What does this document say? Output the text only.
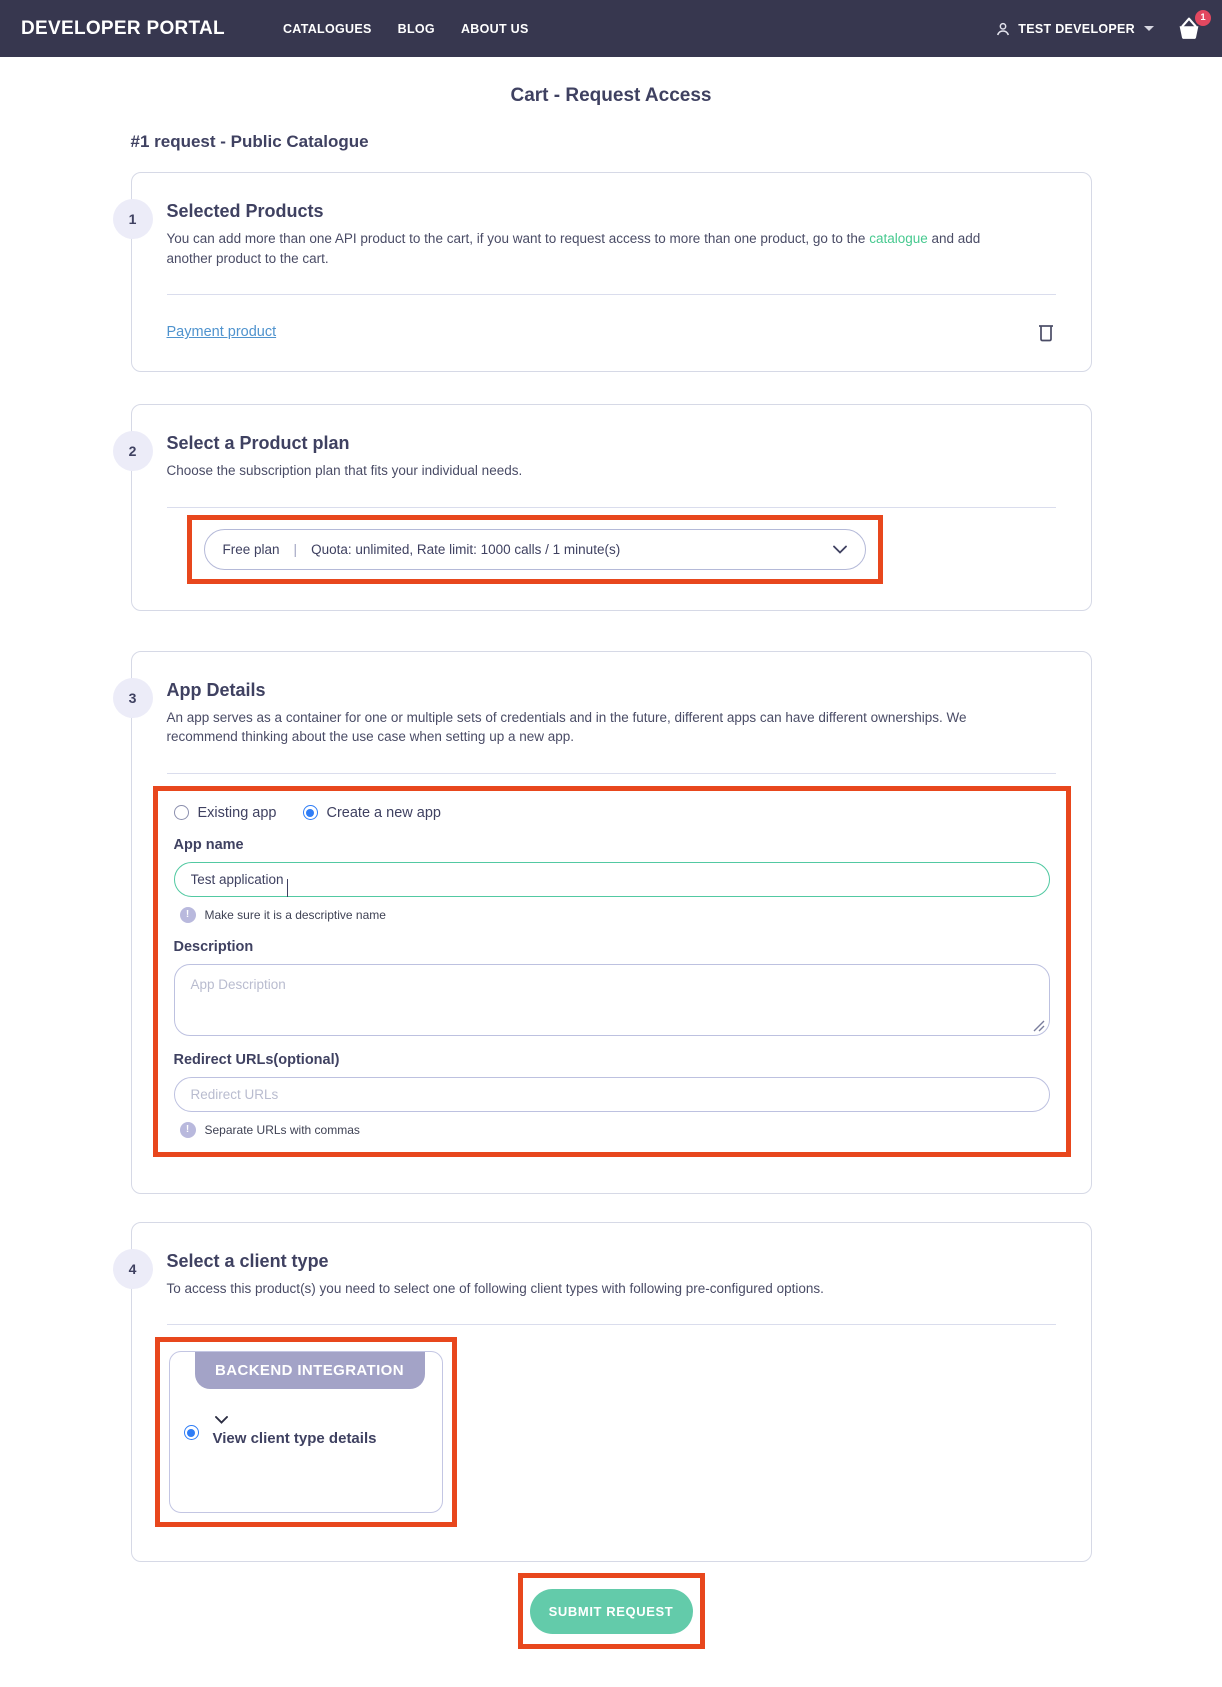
DEVELOPER PORTAL	CATALOGUES BLOG ABOUT US	TEST DEVELOPER
1
Cart - Request Access
#1 request - Public Catalogue
1	Selected Products

You can add more than one API product to the cart, if you want to request access to more than one product, go to the catalogue and add another product to the cart.

Payment product
2	Select a Product plan

Choose the subscription plan that fits your individual needs.

Free plan | Quota: unlimited, Rate limit: 1000 calls / 1 minute(s)
3	App Details

An app serves as a container for one or multiple sets of credentials and in the future, different apps can have different ownerships. We recommend thinking about the use case when setting up a new app.

Existing app	Create a new app
App name
Test application
!	Make sure it is a descriptive name
Description
App Description
Redirect URLs(optional)
Redirect URLs
!	Separate URLs with commas
4	Select a client type

To access this product(s) you need to select one of following client types with following pre-configured options.

BACKEND INTEGRATION
View client type details
SUBMIT REQUEST
